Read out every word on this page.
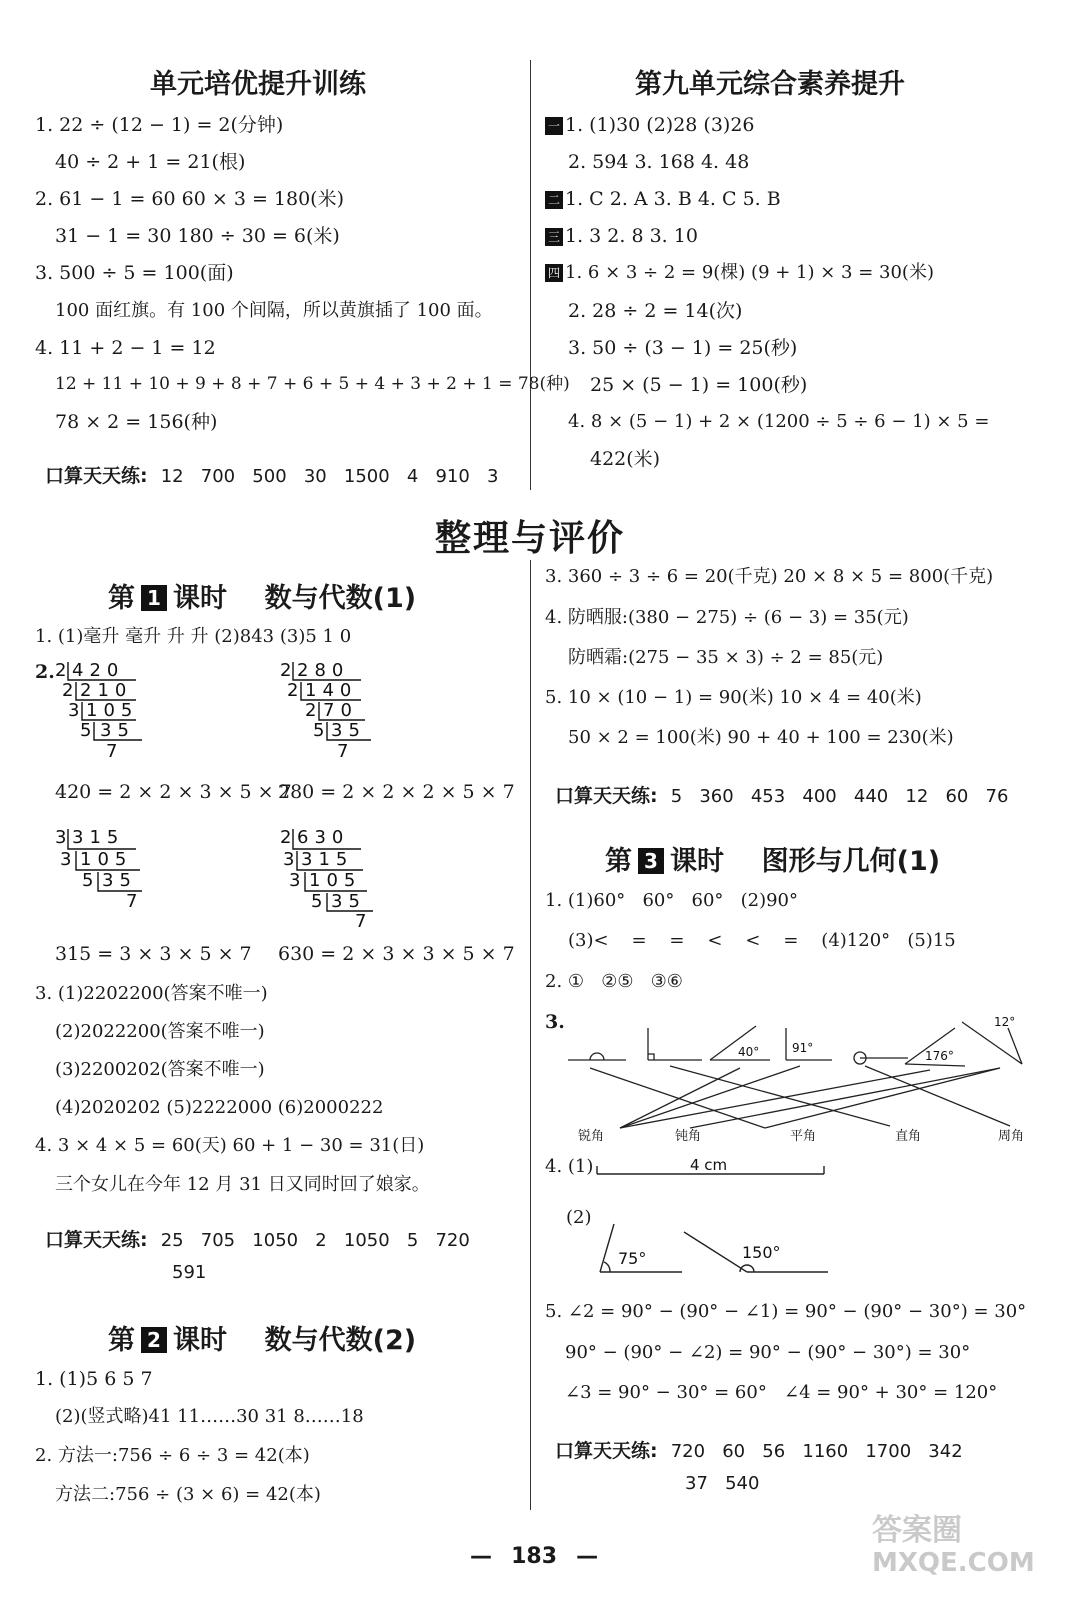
单元培优提升训练
1. 22 ÷ (12 − 1) = 2(分钟)
40 ÷ 2 + 1 = 21(根)
2. 61 − 1 = 60 60 × 3 = 180(米)
31 − 1 = 30 180 ÷ 30 = 6(米)
3. 500 ÷ 5 = 100(面)
100 面红旗。有 100 个间隔，所以黄旗插了 100 面。
4. 11 + 2 − 1 = 12
12 + 11 + 10 + 9 + 8 + 7 + 6 + 5 + 4 + 3 + 2 + 1 = 78(种)
78 × 2 = 156(种)
口算天天练: 12   700   500   30   1500   4   910   3
第九单元综合素养提升
一 1. (1)30 (2)28 (3)26
2. 594 3. 168 4. 48
二 1. C 2. A 3. B 4. C 5. B
三 1. 3 2. 8 3. 10
四 1. 6 × 3 ÷ 2 = 9(棵) (9 + 1) × 3 = 30(米)
2. 28 ÷ 2 = 14(次)
3. 50 ÷ (3 − 1) = 25(秒)
25 × (5 − 1) = 100(秒)
4. 8 × (5 − 1) + 2 × (1200 ÷ 5 ÷ 6 − 1) × 5 =
422(米)
整理与评价
第 1 课时    数与代数(1)
1. (1)毫升 毫升 升 升 (2)843 (3)5 1 0
2. 2 420
2 210
3 105
5 35
7
2 280
2 140
2 70
5 35
7
420 = 2 × 2 × 3 × 5 × 7
280 = 2 × 2 × 2 × 5 × 7
3 315
3 105
5 35
7
2 630
3 315
3 105
5 35
7
315 = 3 × 3 × 5 × 7 630 = 2 × 3 × 3 × 5 × 7
3. (1)2202200(答案不唯一)
(2)2022200(答案不唯一)
(3)2200202(答案不唯一)
(4)2020202 (5)2222000 (6)2000222
4. 3 × 4 × 5 = 60(天) 60 + 1 − 30 = 31(日)
三个女儿在今年 12 月 31 日又同时回了娘家。
口算天天练: 25   705   1050   2   1050   5   720
591
第 2 课时    数与代数(2)
1. (1)5 6 5 7
(2)(竖式略)41 11……30 31 8……18
2. 方法一:756 ÷ 6 ÷ 3 = 42(本)
方法二:756 ÷ (3 × 6) = 42(本)
3. 360 ÷ 3 ÷ 6 = 20(千克) 20 × 8 × 5 = 800(千克)
4. 防晒服:(380 − 275) ÷ (6 − 3) = 35(元)
防晒霜:(275 − 35 × 3) ÷ 2 = 85(元)
5. 10 × (10 − 1) = 90(米) 10 × 4 = 40(米)
50 × 2 = 100(米) 90 + 40 + 100 = 230(米)
口算天天练: 5   360   453   400   440   12   60   76
第 3 课时    图形与几何(1)
1. (1)60°   60°   60°   (2)90°
(3)<    =    =    <    <    =    (4)120°   (5)15
2. ①   ②⑤   ③⑥
3.
40°	91°
176°
12°
锐角	钝角	平角	直角	周角
4. (1)	4 cm
(2)
75°	150°
5. ∠2 = 90° − (90° − ∠1) = 90° − (90° − 30°) = 30°
90° − (90° − ∠2) = 90° − (90° − 30°) = 30°
∠3 = 90° − 30° = 60°   ∠4 = 90° + 30° = 120°
口算天天练: 720   60   56   1160   1700   342
37   540
— 183 —
答案圈
MXQE.COM
